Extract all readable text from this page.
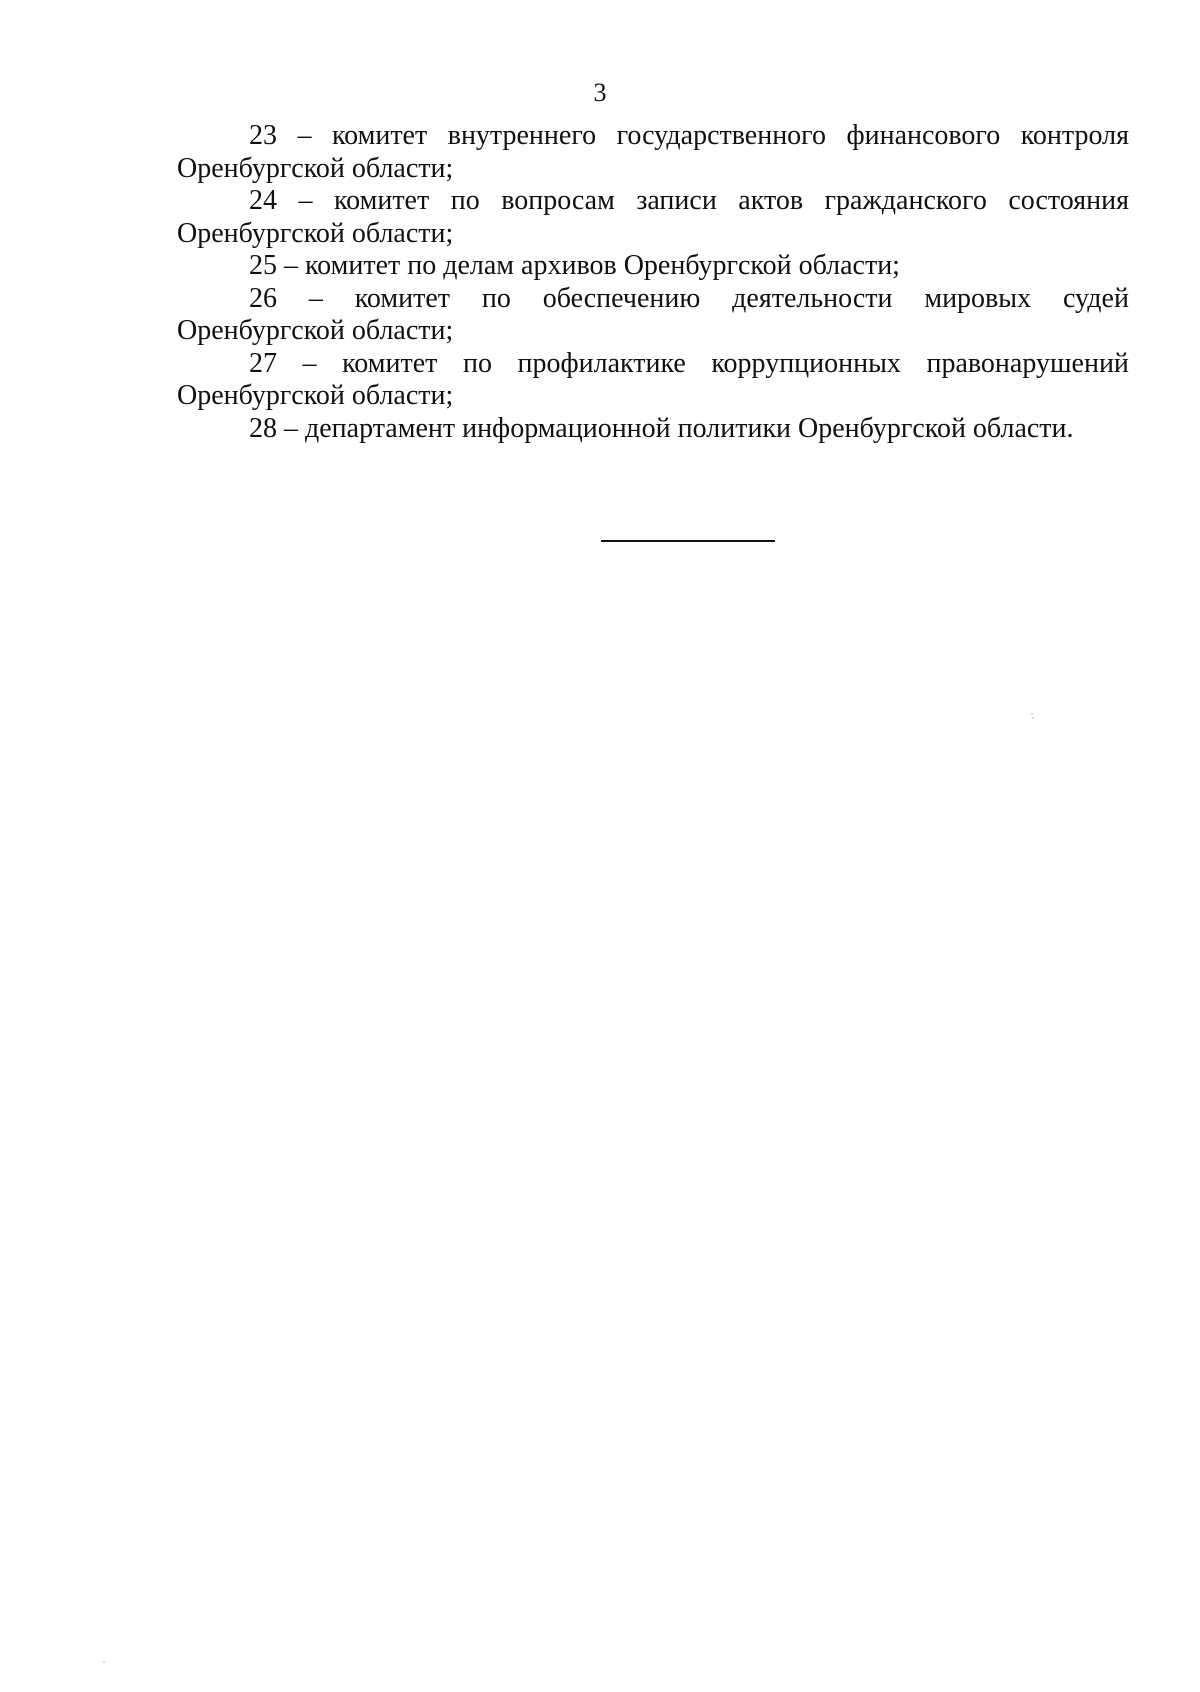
3
23 – комитет внутреннего государственного финансового контроля
Оренбургской области;
24 – комитет по вопросам записи актов гражданского состояния
Оренбургской области;
25 – комитет по делам архивов Оренбургской области;
26 – комитет по обеспечению деятельности мировых судей
Оренбургской области;
27 – комитет по профилактике коррупционных правонарушений
Оренбургской области;
28 – департамент информационной политики Оренбургской области.
